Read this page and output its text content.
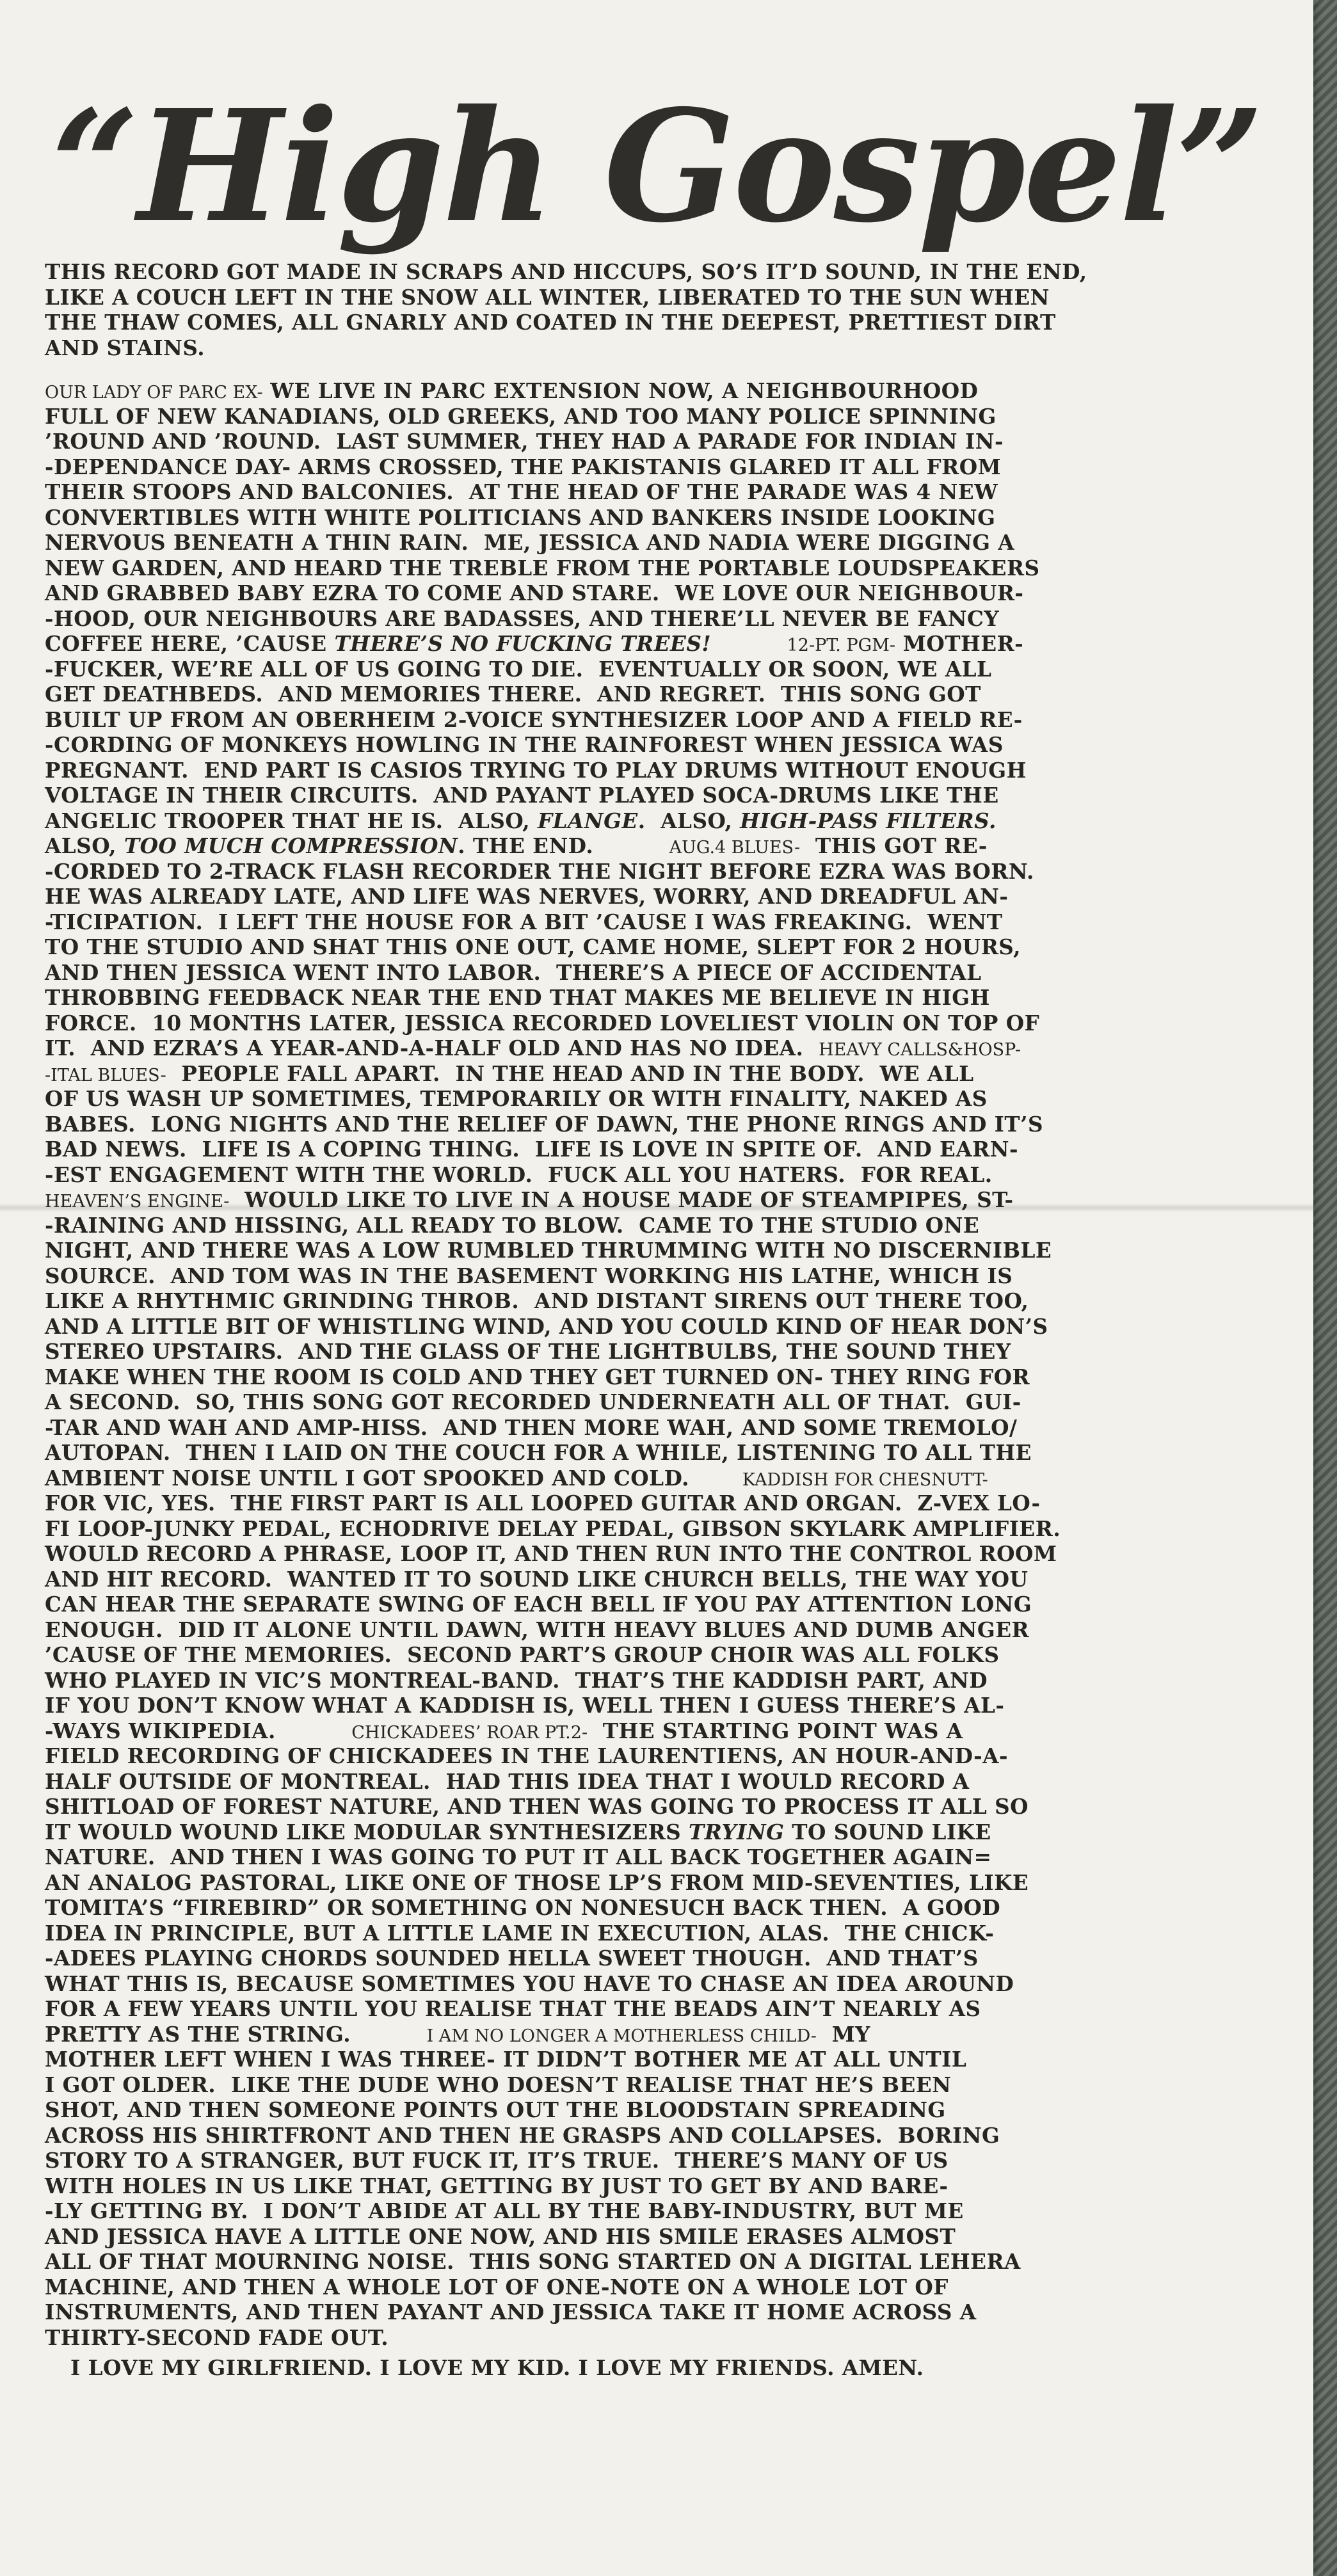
“High Gospel”
THIS RECORD GOT MADE IN SCRAPS AND HICCUPS, SO’S IT’D SOUND, IN THE END,
LIKE A COUCH LEFT IN THE SNOW ALL WINTER, LIBERATED TO THE SUN WHEN
THE THAW COMES, ALL GNARLY AND COATED IN THE DEEPEST, PRETTIEST DIRT
AND STAINS.
OUR LADY OF PARC EX- WE LIVE IN PARC EXTENSION NOW, A NEIGHBOURHOOD
FULL OF NEW KANADIANS, OLD GREEKS, AND TOO MANY POLICE SPINNING
’ROUND AND ’ROUND.  LAST SUMMER, THEY HAD A PARADE FOR INDIAN IN-
-DEPENDANCE DAY- ARMS CROSSED, THE PAKISTANIS GLARED IT ALL FROM
THEIR STOOPS AND BALCONIES.  AT THE HEAD OF THE PARADE WAS 4 NEW
CONVERTIBLES WITH WHITE POLITICIANS AND BANKERS INSIDE LOOKING
NERVOUS BENEATH A THIN RAIN.  ME, JESSICA AND NADIA WERE DIGGING A
NEW GARDEN, AND HEARD THE TREBLE FROM THE PORTABLE LOUDSPEAKERS
AND GRABBED BABY EZRA TO COME AND STARE.  WE LOVE OUR NEIGHBOUR-
-HOOD, OUR NEIGHBOURS ARE BADASSES, AND THERE’LL NEVER BE FANCY
COFFEE HERE, ’CAUSE THERE’S NO FUCKING TREES!	12-PT. PGM- MOTHER-
-FUCKER, WE’RE ALL OF US GOING TO DIE.  EVENTUALLY OR SOON, WE ALL
GET DEATHBEDS.  AND MEMORIES THERE.  AND REGRET.  THIS SONG GOT
BUILT UP FROM AN OBERHEIM 2-VOICE SYNTHESIZER LOOP AND A FIELD RE-
-CORDING OF MONKEYS HOWLING IN THE RAINFOREST WHEN JESSICA WAS
PREGNANT.  END PART IS CASIOS TRYING TO PLAY DRUMS WITHOUT ENOUGH
VOLTAGE IN THEIR CIRCUITS.  AND PAYANT PLAYED SOCA-DRUMS LIKE THE
ANGELIC TROOPER THAT HE IS.  ALSO, FLANGE.  ALSO, HIGH-PASS FILTERS.
ALSO, TOO MUCH COMPRESSION. THE END.          AUG.4 BLUES-  THIS GOT RE-
-CORDED TO 2-TRACK FLASH RECORDER THE NIGHT BEFORE EZRA WAS BORN.
HE WAS ALREADY LATE, AND LIFE WAS NERVES, WORRY, AND DREADFUL AN-
-TICIPATION.  I LEFT THE HOUSE FOR A BIT ’CAUSE I WAS FREAKING.  WENT
TO THE STUDIO AND SHAT THIS ONE OUT, CAME HOME, SLEPT FOR 2 HOURS,
AND THEN JESSICA WENT INTO LABOR.  THERE’S A PIECE OF ACCIDENTAL
THROBBING FEEDBACK NEAR THE END THAT MAKES ME BELIEVE IN HIGH
FORCE.  10 MONTHS LATER, JESSICA RECORDED LOVELIEST VIOLIN ON TOP OF
IT.  AND EZRA’S A YEAR-AND-A-HALF OLD AND HAS NO IDEA.  HEAVY CALLS&HOSP-
-ITAL BLUES-  PEOPLE FALL APART.  IN THE HEAD AND IN THE BODY.  WE ALL
OF US WASH UP SOMETIMES, TEMPORARILY OR WITH FINALITY, NAKED AS
BABES.  LONG NIGHTS AND THE RELIEF OF DAWN, THE PHONE RINGS AND IT’S
BAD NEWS.  LIFE IS A COPING THING.  LIFE IS LOVE IN SPITE OF.  AND EARN-
-EST ENGAGEMENT WITH THE WORLD.  FUCK ALL YOU HATERS.  FOR REAL.
HEAVEN’S ENGINE-  WOULD LIKE TO LIVE IN A HOUSE MADE OF STEAMPIPES, ST-
-RAINING AND HISSING, ALL READY TO BLOW.  CAME TO THE STUDIO ONE
NIGHT, AND THERE WAS A LOW RUMBLED THRUMMING WITH NO DISCERNIBLE
SOURCE.  AND TOM WAS IN THE BASEMENT WORKING HIS LATHE, WHICH IS
LIKE A RHYTHMIC GRINDING THROB.  AND DISTANT SIRENS OUT THERE TOO,
AND A LITTLE BIT OF WHISTLING WIND, AND YOU COULD KIND OF HEAR DON’S
STEREO UPSTAIRS.  AND THE GLASS OF THE LIGHTBULBS, THE SOUND THEY
MAKE WHEN THE ROOM IS COLD AND THEY GET TURNED ON- THEY RING FOR
A SECOND.  SO, THIS SONG GOT RECORDED UNDERNEATH ALL OF THAT.  GUI-
-TAR AND WAH AND AMP-HISS.  AND THEN MORE WAH, AND SOME TREMOLO/
AUTOPAN.  THEN I LAID ON THE COUCH FOR A WHILE, LISTENING TO ALL THE
AMBIENT NOISE UNTIL I GOT SPOOKED AND COLD.       KADDISH FOR CHESNUTT-
FOR VIC, YES.  THE FIRST PART IS ALL LOOPED GUITAR AND ORGAN.  Z-VEX LO-
FI LOOP-JUNKY PEDAL, ECHODRIVE DELAY PEDAL, GIBSON SKYLARK AMPLIFIER.
WOULD RECORD A PHRASE, LOOP IT, AND THEN RUN INTO THE CONTROL ROOM
AND HIT RECORD.  WANTED IT TO SOUND LIKE CHURCH BELLS, THE WAY YOU
CAN HEAR THE SEPARATE SWING OF EACH BELL IF YOU PAY ATTENTION LONG
ENOUGH.  DID IT ALONE UNTIL DAWN, WITH HEAVY BLUES AND DUMB ANGER
’CAUSE OF THE MEMORIES.  SECOND PART’S GROUP CHOIR WAS ALL FOLKS
WHO PLAYED IN VIC’S MONTREAL-BAND.  THAT’S THE KADDISH PART, AND
IF YOU DON’T KNOW WHAT A KADDISH IS, WELL THEN I GUESS THERE’S AL-
-WAYS WIKIPEDIA.          CHICKADEES’ ROAR PT.2-  THE STARTING POINT WAS A
FIELD RECORDING OF CHICKADEES IN THE LAURENTIENS, AN HOUR-AND-A-
HALF OUTSIDE OF MONTREAL.  HAD THIS IDEA THAT I WOULD RECORD A
SHITLOAD OF FOREST NATURE, AND THEN WAS GOING TO PROCESS IT ALL SO
IT WOULD WOUND LIKE MODULAR SYNTHESIZERS TRYING TO SOUND LIKE
NATURE.  AND THEN I WAS GOING TO PUT IT ALL BACK TOGETHER AGAIN=
AN ANALOG PASTORAL, LIKE ONE OF THOSE LP’S FROM MID-SEVENTIES, LIKE
TOMITA’S “FIREBIRD” OR SOMETHING ON NONESUCH BACK THEN.  A GOOD
IDEA IN PRINCIPLE, BUT A LITTLE LAME IN EXECUTION, ALAS.  THE CHICK-
-ADEES PLAYING CHORDS SOUNDED HELLA SWEET THOUGH.  AND THAT’S
WHAT THIS IS, BECAUSE SOMETIMES YOU HAVE TO CHASE AN IDEA AROUND
FOR A FEW YEARS UNTIL YOU REALISE THAT THE BEADS AIN’T NEARLY AS
PRETTY AS THE STRING.          I AM NO LONGER A MOTHERLESS CHILD-  MY
MOTHER LEFT WHEN I WAS THREE- IT DIDN’T BOTHER ME AT ALL UNTIL
I GOT OLDER.  LIKE THE DUDE WHO DOESN’T REALISE THAT HE’S BEEN
SHOT, AND THEN SOMEONE POINTS OUT THE BLOODSTAIN SPREADING
ACROSS HIS SHIRTFRONT AND THEN HE GRASPS AND COLLAPSES.  BORING
STORY TO A STRANGER, BUT FUCK IT, IT’S TRUE.  THERE’S MANY OF US
WITH HOLES IN US LIKE THAT, GETTING BY JUST TO GET BY AND BARE-
-LY GETTING BY.  I DON’T ABIDE AT ALL BY THE BABY-INDUSTRY, BUT ME
AND JESSICA HAVE A LITTLE ONE NOW, AND HIS SMILE ERASES ALMOST
ALL OF THAT MOURNING NOISE.  THIS SONG STARTED ON A DIGITAL LEHERA
MACHINE, AND THEN A WHOLE LOT OF ONE-NOTE ON A WHOLE LOT OF
INSTRUMENTS, AND THEN PAYANT AND JESSICA TAKE IT HOME ACROSS A
THIRTY-SECOND FADE OUT.
I LOVE MY GIRLFRIEND. I LOVE MY KID. I LOVE MY FRIENDS. AMEN.
